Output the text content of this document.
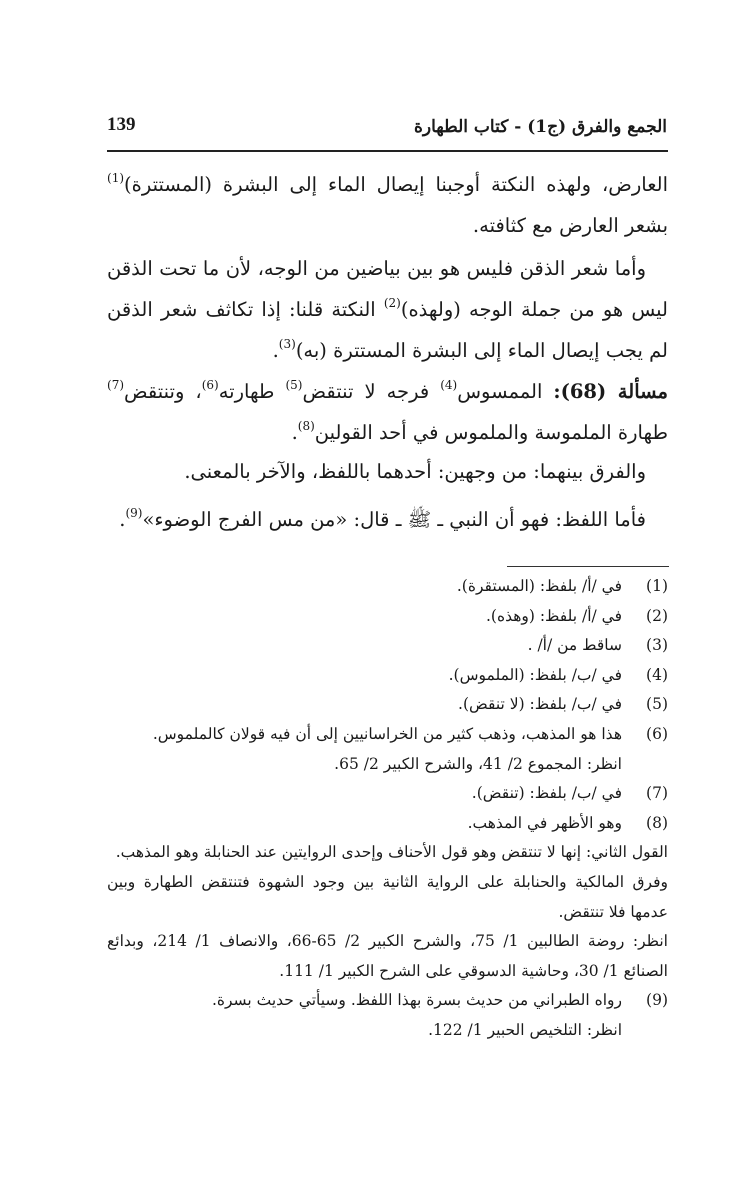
الجمع والفرق (ج1) - كتاب الطهارة
139

العارض، ولهذه النكتة أوجبنا إيصال الماء إلى البشرة (المستترة)$^{(1)}$ بشعر العارض مع كثافته.

وأما شعر الذقن فليس هو بين بياضين من الوجه، لأن ما تحت الذقن ليس هو من جملة الوجه (ولهذه)$^{(2)}$ النكتة قلنا: إذا تكاثف شعر الذقن لم يجب إيصال الماء إلى البشرة المستترة (به)$^{(3)}$.

مسألة (68): الممسوس$^{(4)}$ فرجه لا تنتقض$^{(5)}$ طهارته$^{(6)}$، وتنتقض$^{(7)}$ طهارة الملموسة والملموس في أحد القولين$^{(8)}$.

والفرق بينهما: من وجهين: أحدهما باللفظ، والآخر بالمعنى.

فأما اللفظ: فهو أن النبي ـ ﷺ ـ قال: «من مس الفرج الوضوء»$^{(9)}$.

(1)
في /أ/ بلفظ: (المستقرة).
(2)
في /أ/ بلفظ: (وهذه).
(3)
ساقط من /أ/ .
(4)
في /ب/ بلفظ: (الملموس).
(5)
في /ب/ بلفظ: (لا تنقض).
(6)
هذا هو المذهب، وذهب كثير من الخراسانيين إلى أن فيه قولان كالملموس.
انظر: المجموع 2/ 41، والشرح الكبير 2/ 65.
(7)
في /ب/ بلفظ: (تنقض).
(8)
وهو الأظهر في المذهب.

القول الثاني: إنها لا تنتقض وهو قول الأحناف وإحدى الروايتين عند الحنابلة وهو المذهب.

وفرق المالكية والحنابلة على الرواية الثانية بين وجود الشهوة فتنتقض الطهارة وبين عدمها فلا تنتقض.

انظر: روضة الطالبين 1/ 75، والشرح الكبير 2/ 65-66، والانصاف 1/ 214، وبدائع الصنائع 1/ 30، وحاشية الدسوقي على الشرح الكبير 1/ 111.

(9)
رواه الطبراني من حديث بسرة بهذا اللفظ. وسيأتي حديث بسرة.
انظر: التلخيص الحبير 1/ 122.
